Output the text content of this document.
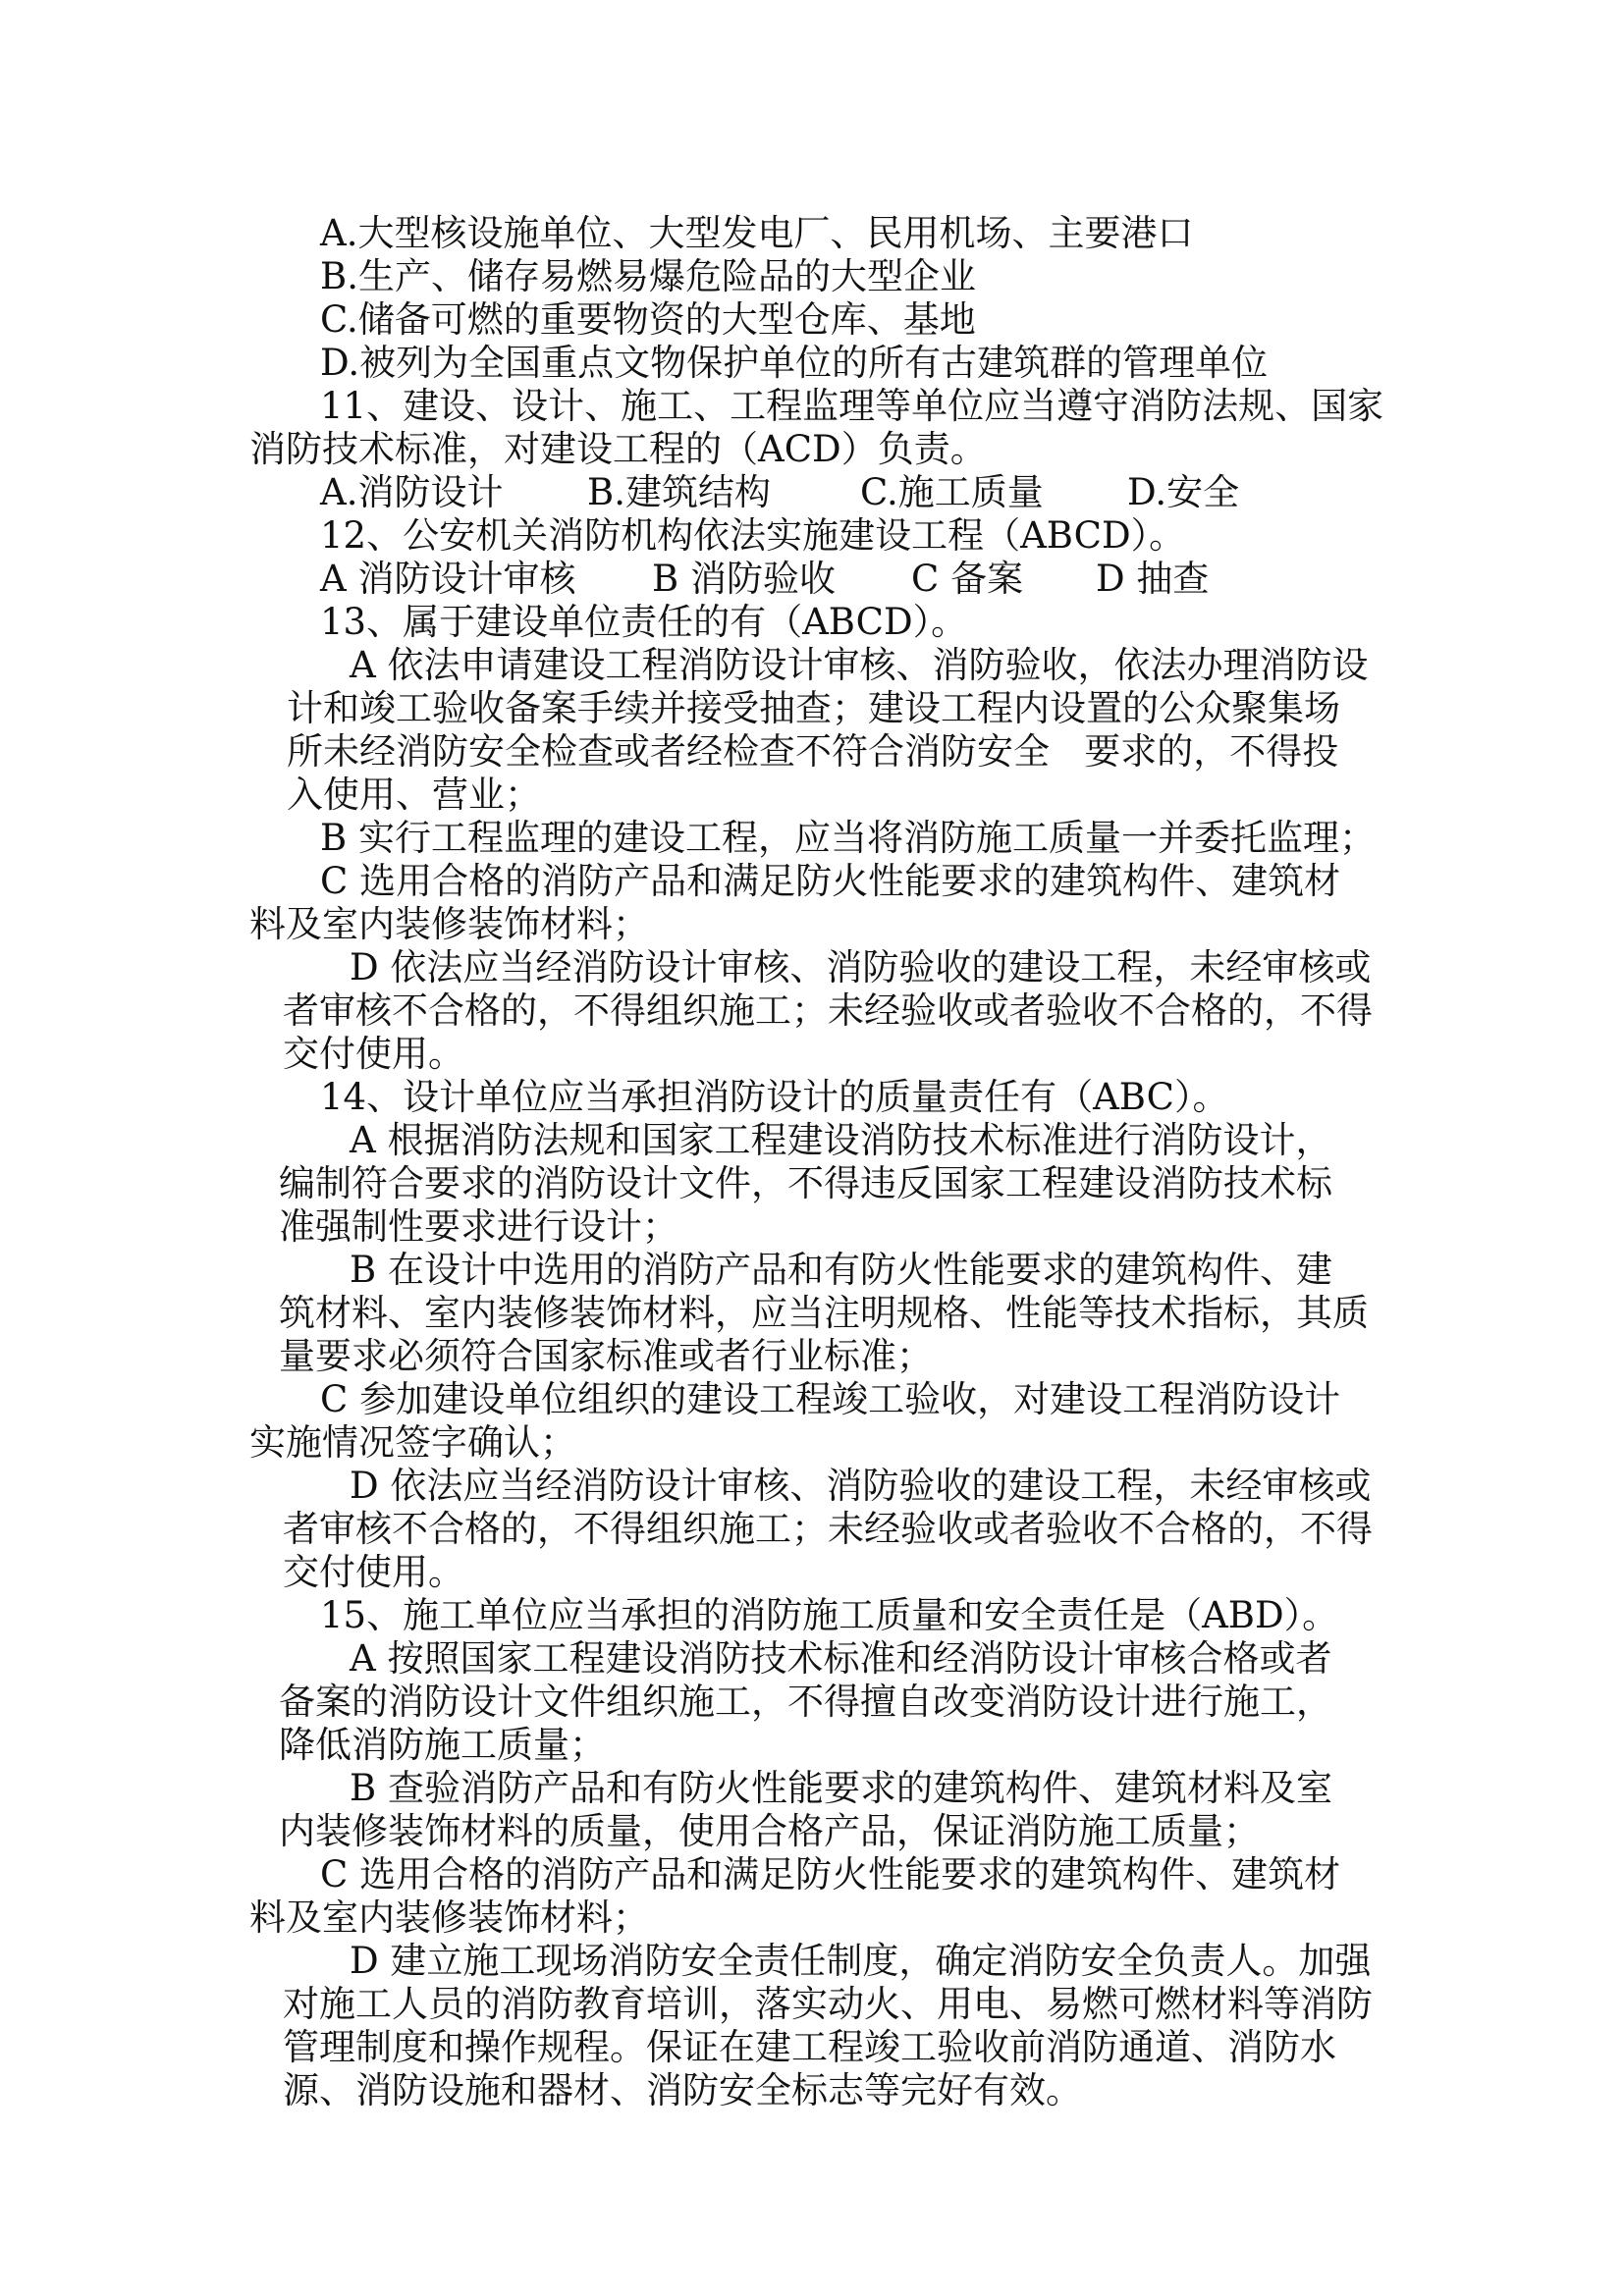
A.大型核设施单位、大型发电厂、民用机场、主要港口
B.生产、储存易燃易爆危险品的大型企业
C.储备可燃的重要物资的大型仓库、基地
D.被列为全国重点文物保护单位的所有古建筑群的管理单位
11、建设、设计、施工、工程监理等单位应当遵守消防法规、国家
消防技术标准，对建设工程的（ACD）负责。
A.消防设计 B.建筑结构 C.施工质量 D.安全
12、公安机关消防机构依法实施建设工程（ABCD）。
A 消防设计审核 B 消防验收 C 备案 D 抽查
13、属于建设单位责任的有（ABCD）。
A 依法申请建设工程消防设计审核、消防验收，依法办理消防设
计和竣工验收备案手续并接受抽查；建设工程内设置的公众聚集场
所未经消防安全检查或者经检查不符合消防安全   要求的，不得投
入使用、营业；
B 实行工程监理的建设工程，应当将消防施工质量一并委托监理；
C 选用合格的消防产品和满足防火性能要求的建筑构件、建筑材
料及室内装修装饰材料；
D 依法应当经消防设计审核、消防验收的建设工程，未经审核或
者审核不合格的，不得组织施工；未经验收或者验收不合格的，不得
交付使用。
14、设计单位应当承担消防设计的质量责任有（ABC）。
A 根据消防法规和国家工程建设消防技术标准进行消防设计，
编制符合要求的消防设计文件，不得违反国家工程建设消防技术标
准强制性要求进行设计；
B 在设计中选用的消防产品和有防火性能要求的建筑构件、建
筑材料、室内装修装饰材料，应当注明规格、性能等技术指标，其质
量要求必须符合国家标准或者行业标准；
C 参加建设单位组织的建设工程竣工验收，对建设工程消防设计
实施情况签字确认；
D 依法应当经消防设计审核、消防验收的建设工程，未经审核或
者审核不合格的，不得组织施工；未经验收或者验收不合格的，不得
交付使用。
15、施工单位应当承担的消防施工质量和安全责任是（ABD）。
A 按照国家工程建设消防技术标准和经消防设计审核合格或者
备案的消防设计文件组织施工，不得擅自改变消防设计进行施工，
降低消防施工质量；
B 查验消防产品和有防火性能要求的建筑构件、建筑材料及室
内装修装饰材料的质量，使用合格产品，保证消防施工质量；
C 选用合格的消防产品和满足防火性能要求的建筑构件、建筑材
料及室内装修装饰材料；
D 建立施工现场消防安全责任制度，确定消防安全负责人。加强
对施工人员的消防教育培训，落实动火、用电、易燃可燃材料等消防
管理制度和操作规程。保证在建工程竣工验收前消防通道、消防水
源、消防设施和器材、消防安全标志等完好有效。
